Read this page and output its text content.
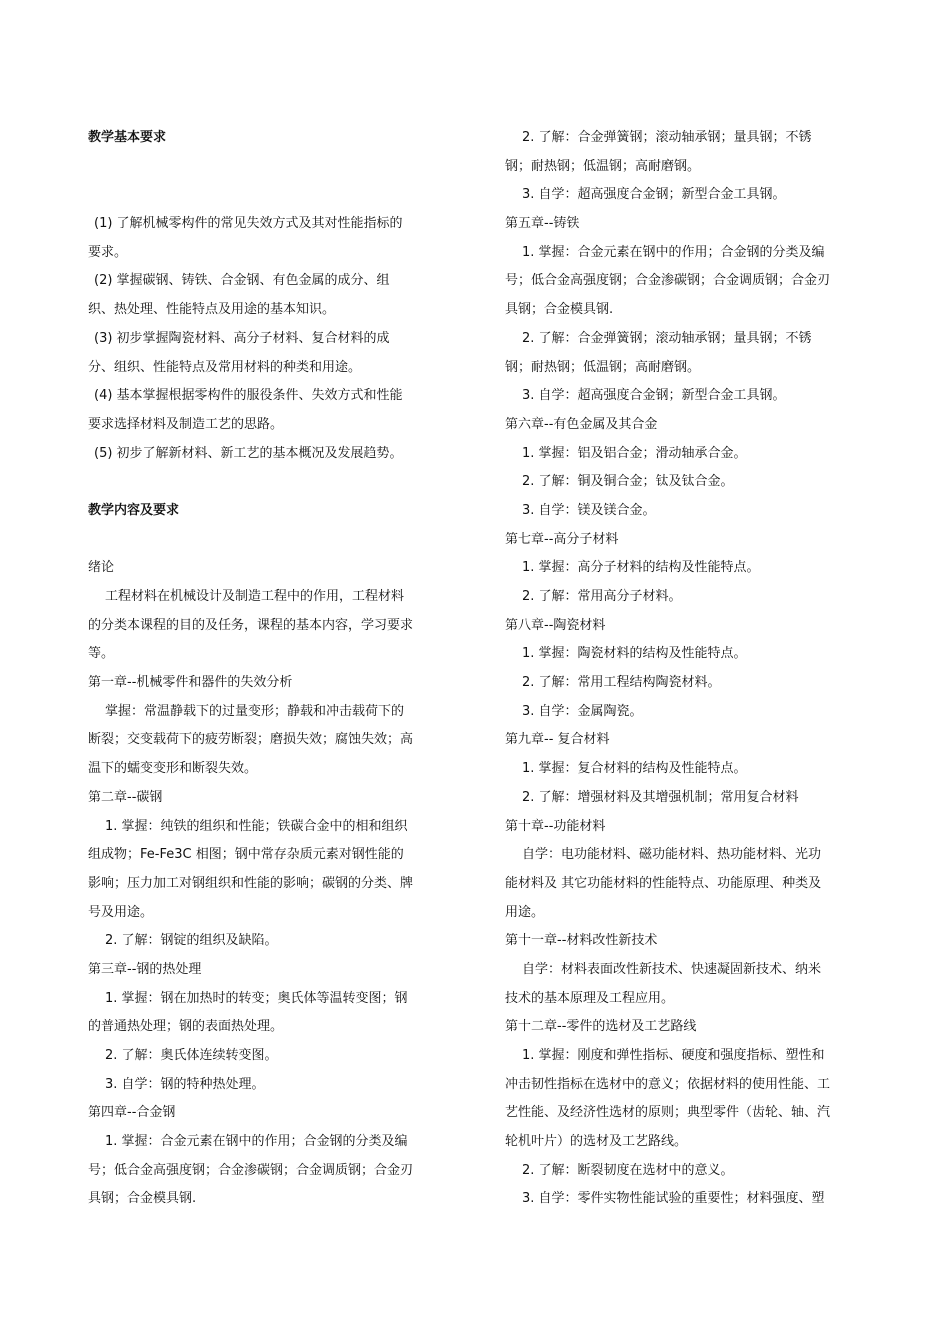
教学基本要求
(1) 了解机械零构件的常见失效方式及其对性能指标的
要求。
(2) 掌握碳钢、铸铁、合金钢、有色金属的成分、组
织、热处理、性能特点及用途的基本知识。
(3) 初步掌握陶瓷材料、高分子材料、复合材料的成
分、组织、性能特点及常用材料的种类和用途。
(4) 基本掌握根据零构件的服役条件、失效方式和性能
要求选择材料及制造工艺的思路。
(5) 初步了解新材料、新工艺的基本概况及发展趋势。
教学内容及要求
绪论
工程材料在机械设计及制造工程中的作用，工程材料
的分类本课程的目的及任务，课程的基本内容，学习要求
等。
第一章--机械零件和器件的失效分析
掌握：常温静载下的过量变形；静载和冲击载荷下的
断裂；交变载荷下的疲劳断裂；磨损失效；腐蚀失效；高
温下的蠕变变形和断裂失效。
第二章--碳钢
1. 掌握：纯铁的组织和性能；铁碳合金中的相和组织
组成物；Fe-Fe3C 相图；钢中常存杂质元素对钢性能的
影响；压力加工对钢组织和性能的影响；碳钢的分类、牌
号及用途。
2. 了解：钢锭的组织及缺陷。
第三章--钢的热处理
1. 掌握：钢在加热时的转变；奥氏体等温转变图；钢
的普通热处理；钢的表面热处理。
2. 了解：奥氏体连续转变图。
3. 自学：钢的特种热处理。
第四章--合金钢
1. 掌握：合金元素在钢中的作用；合金钢的分类及编
号；低合金高强度钢；合金渗碳钢；合金调质钢；合金刃
具钢；合金模具钢.
2. 了解：合金弹簧钢；滚动轴承钢；量具钢；不锈
钢；耐热钢；低温钢；高耐磨钢。
3. 自学：超高强度合金钢；新型合金工具钢。
第五章--铸铁
1. 掌握：合金元素在钢中的作用；合金钢的分类及编
号；低合金高强度钢；合金渗碳钢；合金调质钢；合金刃
具钢；合金模具钢.
2. 了解：合金弹簧钢；滚动轴承钢；量具钢；不锈
钢；耐热钢；低温钢；高耐磨钢。
3. 自学：超高强度合金钢；新型合金工具钢。
第六章--有色金属及其合金
1. 掌握：铝及铝合金；滑动轴承合金。
2. 了解：铜及铜合金；钛及钛合金。
3. 自学：镁及镁合金。
第七章--高分子材料
1. 掌握：高分子材料的结构及性能特点。
2. 了解：常用高分子材料。
第八章--陶瓷材料
1. 掌握：陶瓷材料的结构及性能特点。
2. 了解：常用工程结构陶瓷材料。
3. 自学：金属陶瓷。
第九章-- 复合材料
1. 掌握：复合材料的结构及性能特点。
2. 了解：增强材料及其增强机制；常用复合材料
第十章--功能材料
自学：电功能材料、磁功能材料、热功能材料、光功
能材料及 其它功能材料的性能特点、功能原理、种类及
用途。
第十一章--材料改性新技术
自学：材料表面改性新技术、快速凝固新技术、纳米
技术的基本原理及工程应用。
第十二章--零件的选材及工艺路线
1. 掌握：刚度和弹性指标、硬度和强度指标、塑性和
冲击韧性指标在选材中的意义；依据材料的使用性能、工
艺性能、及经济性选材的原则；典型零件（齿轮、轴、汽
轮机叶片）的选材及工艺路线。
2. 了解：断裂韧度在选材中的意义。
3. 自学：零件实物性能试验的重要性；材料强度、塑
